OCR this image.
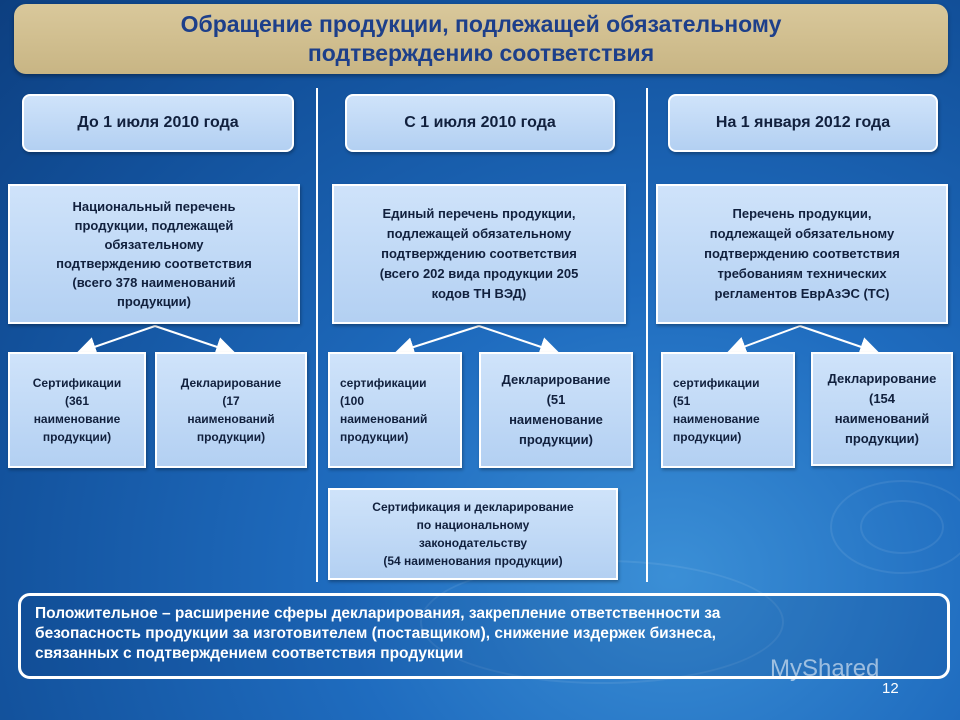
Обращение продукции, подлежащей обязательному
подтверждению соответствия
До 1 июля 2010 года
Национальный перечень
продукции, подлежащей
обязательному
подтверждению соответствия
(всего 378 наименований
продукции)
Сертификации
(361
наименование
продукции)
Декларирование
(17
наименований
продукции)
С 1 июля 2010 года
Единый перечень продукции,
подлежащей обязательному
подтверждению соответствия
(всего 202 вида продукции 205
кодов ТН ВЭД)
сертификации
(100
наименований
продукции)
Декларирование
(51
наименование
продукции)
Сертификация и декларирование
по национальному
законодательству
(54 наименования продукции)
На 1 января 2012 года
Перечень продукции,
подлежащей обязательному
подтверждению соответствия
требованиям технических
регламентов ЕврАзЭС (ТС)
сертификации
(51
наименование
продукции)
Декларирование
(154
наименований
продукции)
Положительное – расширение сферы декларирования, закрепление ответственности за
безопасность продукции за изготовителем (поставщиком), снижение издержек бизнеса,
связанных с подтверждением соответствия продукции
MyShared
12
